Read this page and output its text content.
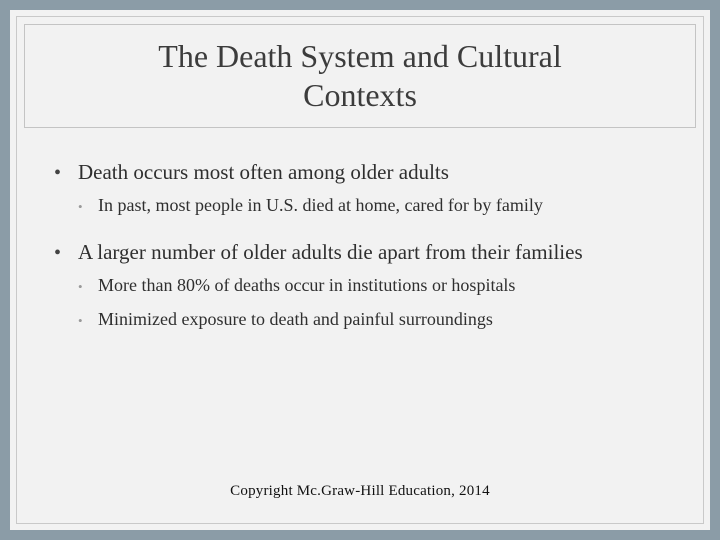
The Death System and Cultural Contexts
• Death occurs most often among older adults
• In past, most people in U.S. died at home, cared for by family
• A larger number of older adults die apart from their families
• More than 80% of deaths occur in institutions or hospitals
• Minimized exposure to death and painful surroundings
Copyright Mc.Graw-Hill Education, 2014
